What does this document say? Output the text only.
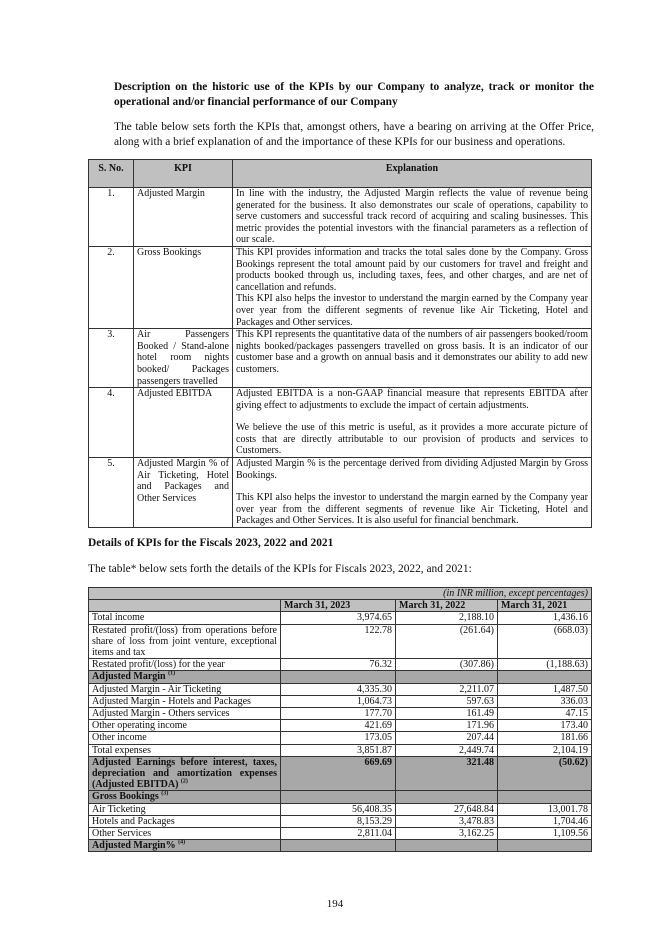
Description on the historic use of the KPIs by our Company to analyze, track or monitor the operational and/or financial performance of our Company
The table below sets forth the KPIs that, amongst others, have a bearing on arriving at the Offer Price, along with a brief explanation of and the importance of these KPIs for our business and operations.
S. No.	KPI	Explanation
1.	Adjusted Margin	In line with the industry, the Adjusted Margin reflects the value of revenue being generated for the business. It also demonstrates our scale of operations, capability to serve customers and successful track record of acquiring and scaling businesses. This metric provides the potential investors with the financial parameters as a reflection of our scale.

2.	Gross Bookings	This KPI provides information and tracks the total sales done by the Company. Gross Bookings represent the total amount paid by our customers for travel and freight and products booked through us, including taxes, fees, and other charges, and are net of cancellation and refunds.
This KPI also helps the investor to understand the margin earned by the Company year over year from the different segments of revenue like Air Ticketing, Hotel and Packages and Other services.

3.	Air Passengers Booked / Stand-alone hotel room nights booked/ Packages passengers travelled	This KPI represents the quantitative data of the numbers of air passengers booked/room nights booked/packages passengers travelled on gross basis. It is an indicator of our customer base and a growth on annual basis and it demonstrates our ability to add new customers.

4.	Adjusted EBITDA	Adjusted EBITDA is a non-GAAP financial measure that represents EBITDA after giving effect to adjustments to exclude the impact of certain adjustments.
We believe the use of this metric is useful, as it provides a more accurate picture of costs that are directly attributable to our provision of products and services to Customers.

5.	Adjusted Margin % of Air Ticketing, Hotel and Packages and Other Services	Adjusted Margin % is the percentage derived from dividing Adjusted Margin by Gross Bookings.
This KPI also helps the investor to understand the margin earned by the Company year over year from the different segments of revenue like Air Ticketing, Hotel and Packages and Other Services. It is also useful for financial benchmark.
Details of KPIs for the Fiscals 2023, 2022 and 2021
The table* below sets forth the details of the KPIs for Fiscals 2023, 2022, and 2021:
(in INR million, except percentages)			
	March 31, 2023	March 31, 2022	March 31, 2021
Total income	3,974.65	2,188.10	1,436.16
Restated profit/(loss) from operations before share of loss from joint venture, exceptional items and tax	122.78	(261.64)	(668.03)
Restated profit/(loss) for the year	76.32	(307.86)	(1,188.63)
Adjusted Margin $^{(1)}$			
Adjusted Margin - Air Ticketing	4,335.30	2,211.07	1,487.50
Adjusted Margin - Hotels and Packages	1,064.73	597.63	336.03
Adjusted Margin - Others services	177.70	161.49	47.15
Other operating income	421.69	171.96	173.40
Other income	173.05	207.44	181.66
Total expenses	3,851.87	2,449.74	2,104.19
Adjusted Earnings before interest, taxes, depreciation and amortization expenses (Adjusted EBITDA) $^{(2)}$	669.69	321.48	(50.62)
Gross Bookings $^{(3)}$			
Air Ticketing	56,408.35	27,648.84	13,001.78
Hotels and Packages	8,153.29	3,478.83	1,704.46
Other Services	2,811.04	3,162.25	1,109.56
Adjusted Margin% $^{(4)}$			
194
